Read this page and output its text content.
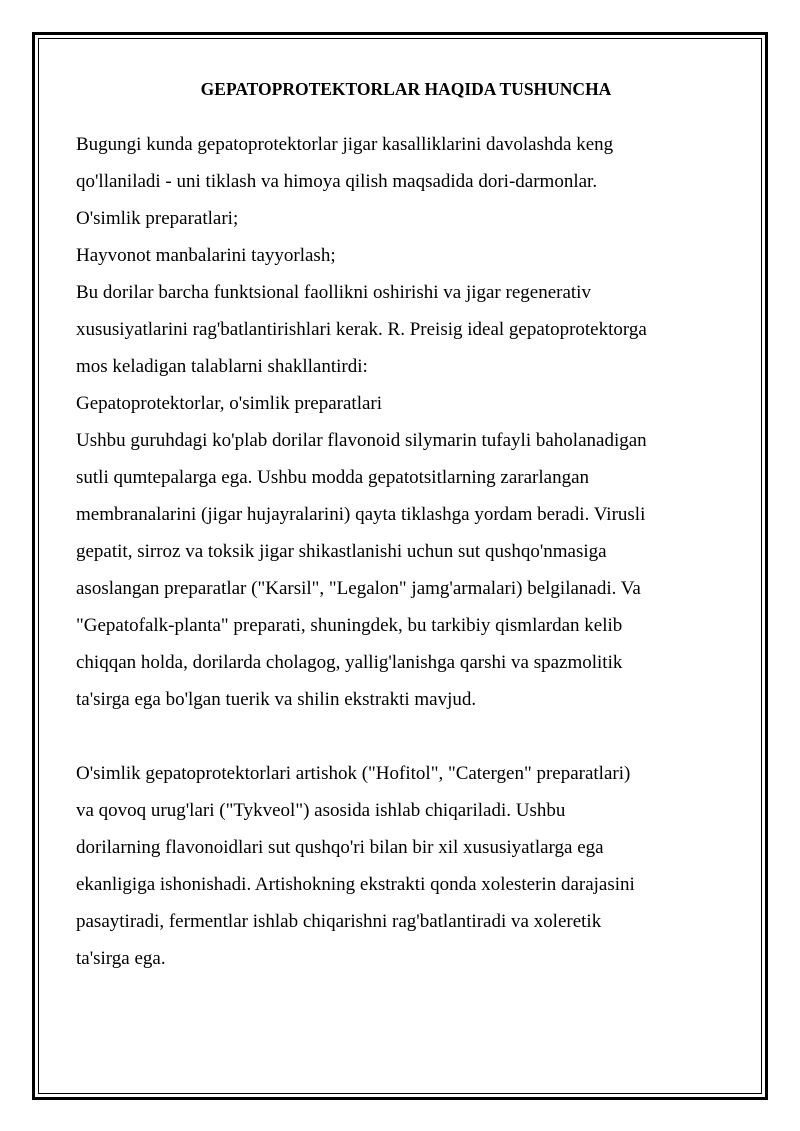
GEPATOPROTEKTORLAR HAQIDA TUSHUNCHA
Bugungi kunda gepatoprotektorlar jigar kasalliklarini davolashda keng
qo'llaniladi - uni tiklash va himoya qilish maqsadida dori-darmonlar.
O'simlik preparatlari;
Hayvonot manbalarini tayyorlash;
Bu dorilar barcha funktsional faollikni oshirishi va jigar regenerativ
xususiyatlarini rag'batlantirishlari kerak. R. Preisig ideal gepatoprotektorga
mos keladigan talablarni shakllantirdi:
Gepatoprotektorlar, o'simlik preparatlari
Ushbu guruhdagi ko'plab dorilar flavonoid silymarin tufayli baholanadigan
sutli qumtepalarga ega. Ushbu modda gepatotsitlarning zararlangan
membranalarini (jigar hujayralarini) qayta tiklashga yordam beradi. Virusli
gepatit, sirroz va toksik jigar shikastlanishi uchun sut qushqo'nmasiga
asoslangan preparatlar ("Karsil", "Legalon" jamg'armalari) belgilanadi. Va
"Gepatofalk-planta" preparati, shuningdek, bu tarkibiy qismlardan kelib
chiqqan holda, dorilarda cholagog, yallig'lanishga qarshi va spazmolitik
ta'sirga ega bo'lgan tuerik va shilin ekstrakti mavjud.
O'simlik gepatoprotektorlari artishok ("Hofitol", "Catergen" preparatlari)
va qovoq urug'lari ("Tykveol") asosida ishlab chiqariladi. Ushbu
dorilarning flavonoidlari sut qushqo'ri bilan bir xil xususiyatlarga ega
ekanligiga ishonishadi. Artishokning ekstrakti qonda xolesterin darajasini
pasaytiradi, fermentlar ishlab chiqarishni rag'batlantiradi va xoleretik
ta'sirga ega.
